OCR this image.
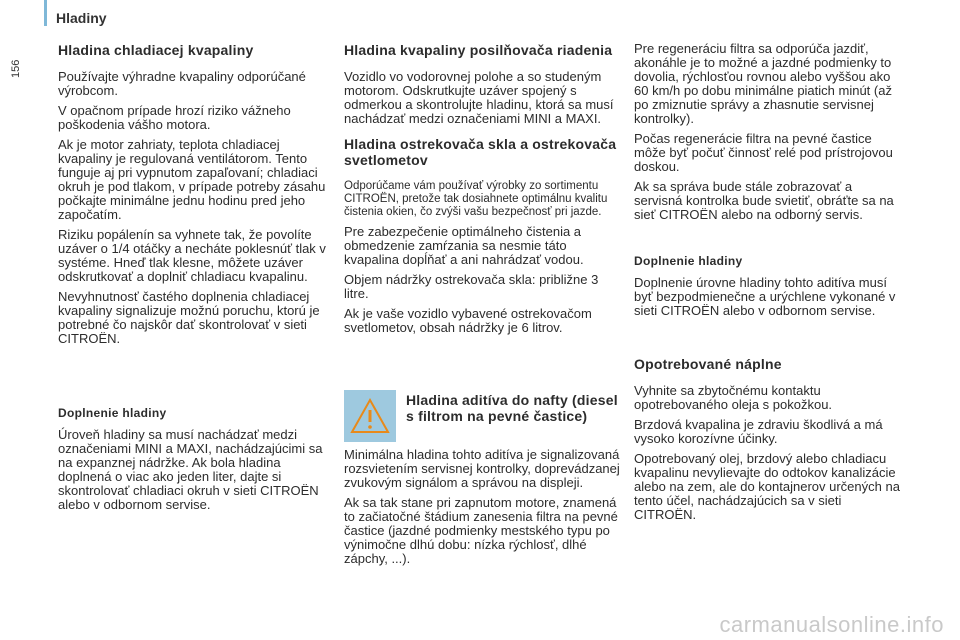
Hladiny
156
Hladina chladiacej kvapaliny

Používajte výhradne kvapaliny odporúčané výrobcom.

V opačnom prípade hrozí riziko vážneho poškodenia vášho motora.

Ak je motor zahriaty, teplota chladiacej kvapaliny je regulovaná ventilátorom. Tento funguje aj pri vypnutom zapaľovaní; chladiaci okruh je pod tlakom, v prípade potreby zásahu počkajte minimálne jednu hodinu pred jeho započatím.

Riziku popálenín sa vyhnete tak, že povolíte uzáver o 1/4 otáčky a necháte poklesnúť tlak v systéme. Hneď tlak klesne, môžete uzáver odskrutkovať a doplniť chladiacu kvapalinu.

Nevyhnutnosť častého doplnenia chladiacej kvapaliny signalizuje možnú poruchu, ktorú je potrebné čo najskôr dať skontrolovať v sieti CITROËN.

Doplnenie hladiny

Úroveň hladiny sa musí nachádzať medzi označeniami MINI a MAXI, nachádzajúcimi sa na expanznej nádržke. Ak bola hladina doplnená o viac ako jeden liter, dajte si skontrolovať chladiaci okruh v sieti CITROËN alebo v odbornom servise.

Hladina kvapaliny posilňovača riadenia

Vozidlo vo vodorovnej polohe a so studeným motorom. Odskrutkujte uzáver spojený s odmerkou a skontrolujte hladinu, ktorá sa musí nachádzať medzi označeniami MINI a MAXI.

Hladina ostrekovača skla a ostrekovača svetlometov

Odporúčame vám používať výrobky zo sortimentu CITROËN, pretože tak dosiahnete optimálnu kvalitu čistenia okien, čo zvýši vašu bezpečnosť pri jazde.

Pre zabezpečenie optimálneho čistenia a obmedzenie zamŕzania sa nesmie táto kvapalina dopĺňať a ani nahrádzať vodou.

Objem nádržky ostrekovača skla: približne 3 litre.

Ak je vaše vozidlo vybavené ostrekovačom svetlometov, obsah nádržky je 6 litrov.

Hladina aditíva do nafty (diesel s filtrom na pevné častice)

Minimálna hladina tohto aditíva je signalizovaná rozsvietením servisnej kontrolky, doprevádzanej zvukovým signálom a správou na displeji.

Ak sa tak stane pri zapnutom motore, znamená to začiatočné štádium zanesenia filtra na pevné častice (jazdné podmienky mestského typu po výnimočne dlhú dobu: nízka rýchlosť, dlhé zápchy, ...).

Pre regeneráciu filtra sa odporúča jazdiť, akonáhle je to možné a jazdné podmienky to dovolia, rýchlosťou rovnou alebo vyššou ako 60 km/h po dobu minimálne piatich minút (až po zmiznutie správy a zhasnutie servisnej kontrolky).

Počas regenerácie filtra na pevné častice môže byť počuť činnosť relé pod prístrojovou doskou.

Ak sa správa bude stále zobrazovať a servisná kontrolka bude svietiť, obráťte sa na sieť CITROËN alebo na odborný servis.

Doplnenie hladiny

Doplnenie úrovne hladiny tohto aditíva musí byť bezpodmienečne a urýchlene vykonané v sieti CITROËN alebo v odbornom servise.

Opotrebované náplne

Vyhnite sa zbytočnému kontaktu opotrebovaného oleja s pokožkou.

Brzdová kvapalina je zdraviu škodlivá a má vysoko korozívne účinky.

Opotrebovaný olej, brzdový alebo chladiacu kvapalinu nevylievajte do odtokov kanalizácie alebo na zem, ale do kontajnerov určených na tento účel, nachádzajúcich sa v sieti CITROËN.

carmanualsonline.info
